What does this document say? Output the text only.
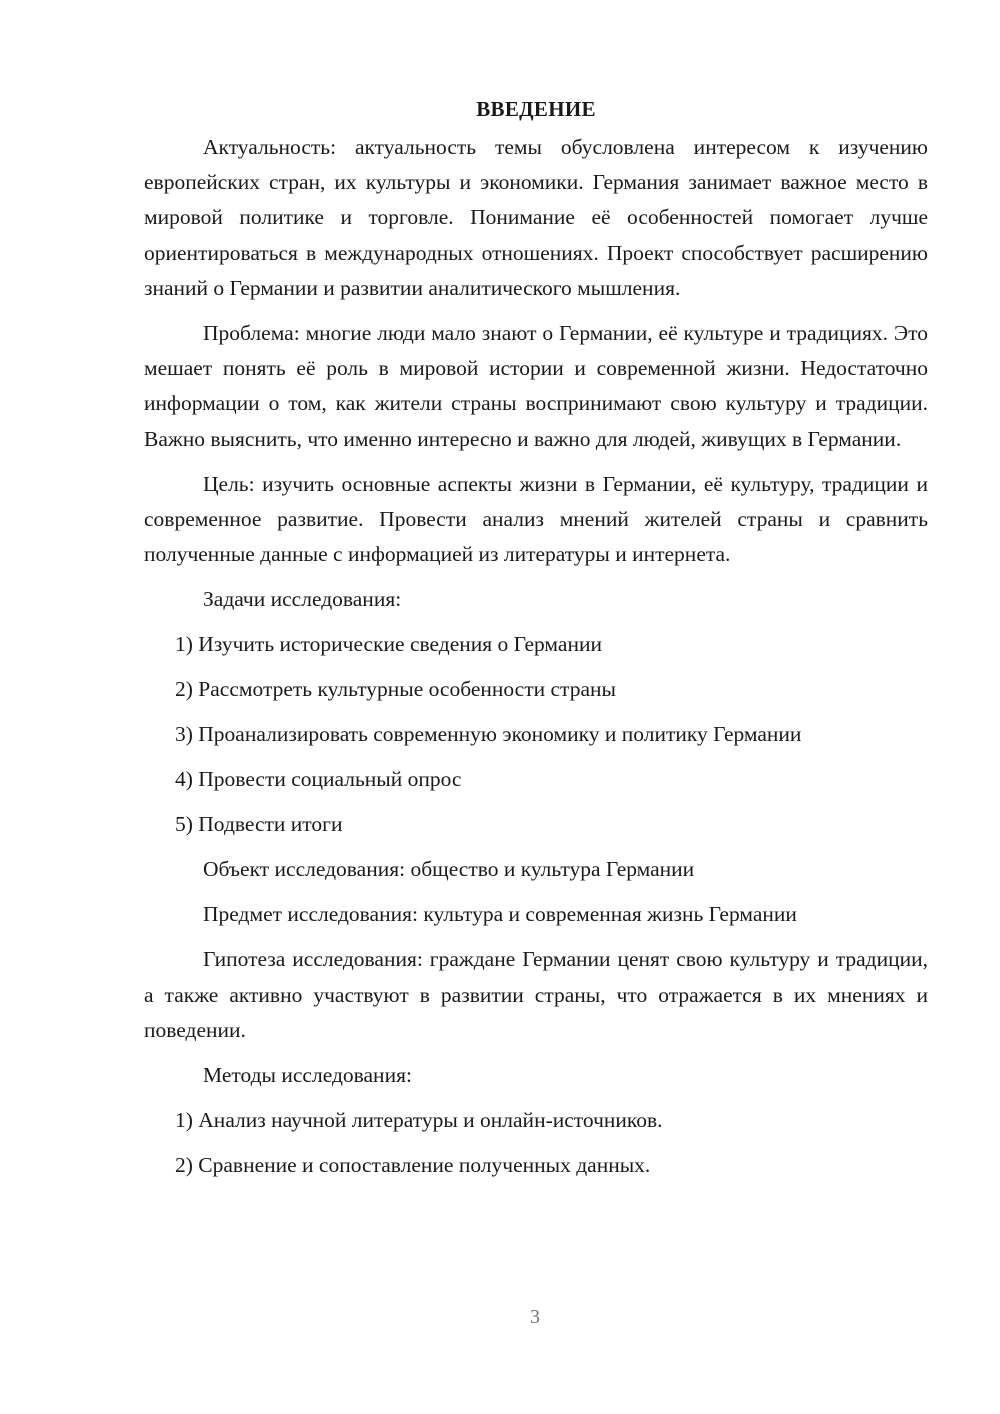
ВВЕДЕНИЕ

Актуальность: актуальность темы обусловлена интересом к изучению европейских стран, их культуры и экономики. Германия занимает важное место в мировой политике и торговле. Понимание её особенностей помогает лучше ориентироваться в международных отношениях. Проект способствует расширению знаний о Германии и развитии аналитического мышления.

Проблема: многие люди мало знают о Германии, её культуре и традициях. Это мешает понять её роль в мировой истории и современной жизни. Недостаточно информации о том, как жители страны воспринимают свою культуру и традиции. Важно выяснить, что именно интересно и важно для людей, живущих в Германии.

Цель: изучить основные аспекты жизни в Германии, её культуру, традиции и современное развитие. Провести анализ мнений жителей страны и сравнить полученные данные с информацией из литературы и интернета.

Задачи исследования:
1) Изучить исторические сведения о Германии
2) Рассмотреть культурные особенности страны
3) Проанализировать современную экономику и политику Германии
4) Провести социальный опрос
5) Подвести итоги
Объект исследования: общество и культура Германии
Предмет исследования: культура и современная жизнь Германии

Гипотеза исследования: граждане Германии ценят свою культуру и традиции, а также активно участвуют в развитии страны, что отражается в их мнениях и поведении.

Методы исследования:
1) Анализ научной литературы и онлайн-источников.
2) Сравнение и сопоставление полученных данных.
3
